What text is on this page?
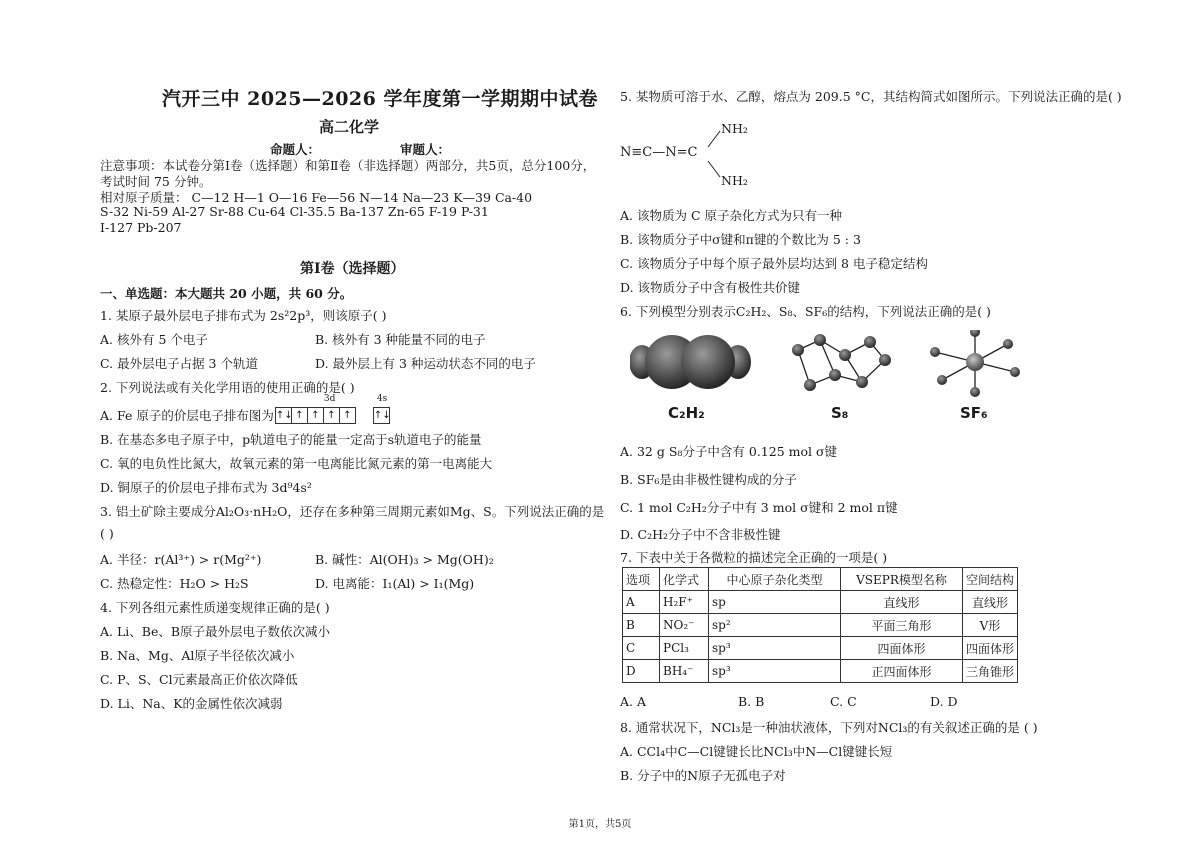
汽开三中 2025—2026 学年度第一学期期中试卷
高二化学
命题人：	审题人：
注意事项：本试卷分第Ⅰ卷（选择题）和第Ⅱ卷（非选择题）两部分，共5页，总分100分，
考试时间 75 分钟。
相对原子质量： C—12 H—1 O—16 Fe—56 N—14 Na—23 K—39 Ca-40
S-32 Ni-59 Al-27 Sr-88 Cu-64 Cl-35.5 Ba-137 Zn-65 F-19 P-31
I-127 Pb-207
第Ⅰ卷（选择题）
一、单选题：本大题共 20 小题，共 60 分。
1. 某原子最外层电子排布式为 2s²2p³，则该原子( )
A. 核外有 5 个电子	B. 核外有 3 种能量不同的电子
C. 最外层电子占据 3 个轨道	D. 最外层上有 3 种运动状态不同的电子
2. 下列说法或有关化学用语的使用正确的是( )
A. Fe 原子的价层电子排布图为
3d
↑↓ ↑ ↑ ↑ ↑
4s
↑↓
B. 在基态多电子原子中，p轨道电子的能量一定高于s轨道电子的能量
C. 氧的电负性比氮大，故氧元素的第一电离能比氮元素的第一电离能大
D. 铜原子的价层电子排布式为 3d⁹4s²
3. 铝土矿除主要成分Al₂O₃·nH₂O，还存在多种第三周期元素如Mg、S。下列说法正确的是
( )
A. 半径：r(Al³⁺) > r(Mg²⁺)	B. 碱性：Al(OH)₃ > Mg(OH)₂
C. 热稳定性：H₂O > H₂S	D. 电离能：I₁(Al) > I₁(Mg)
4. 下列各组元素性质递变规律正确的是( )
A. Li、Be、B原子最外层电子数依次减小
B. Na、Mg、Al原子半径依次减小
C. P、S、Cl元素最高正价依次降低
D. Li、Na、K的金属性依次减弱
5. 某物质可溶于水、乙醇，熔点为 209.5 °C，其结构简式如图所示。下列说法正确的是( )
N≡C—N=C
NH₂
NH₂
A. 该物质为 C 原子杂化方式为只有一种
B. 该物质分子中σ键和π键的个数比为 5 : 3
C. 该物质分子中每个原子最外层均达到 8 电子稳定结构
D. 该物质分子中含有极性共价键
6. 下列模型分别表示C₂H₂、S₈、SF₆的结构，下列说法正确的是( )
C₂H₂	S₈	SF₆
A. 32 g S₈分子中含有 0.125 mol σ键
B. SF₆是由非极性键构成的分子
C. 1 mol C₂H₂分子中有 3 mol σ键和 2 mol π键
D. C₂H₂分子中不含非极性键
7. 下表中关于各微粒的描述完全正确的一项是( )
选项	化学式	中心原子杂化类型	VSEPR模型名称	空间结构
A	H₂F⁺	sp	直线形	直线形
B	NO₂⁻	sp²	平面三角形	V形
C	PCl₃	sp³	四面体形	四面体形
D	BH₄⁻	sp³	正四面体形	三角锥形
A. A	B. B	C. C	D. D
8. 通常状况下，NCl₃是一种油状液体，下列对NCl₃的有关叙述正确的是 ( )
A. CCl₄中C—Cl键键长比NCl₃中N—Cl键键长短
B. 分子中的N原子无孤电子对
第1页，共5页
